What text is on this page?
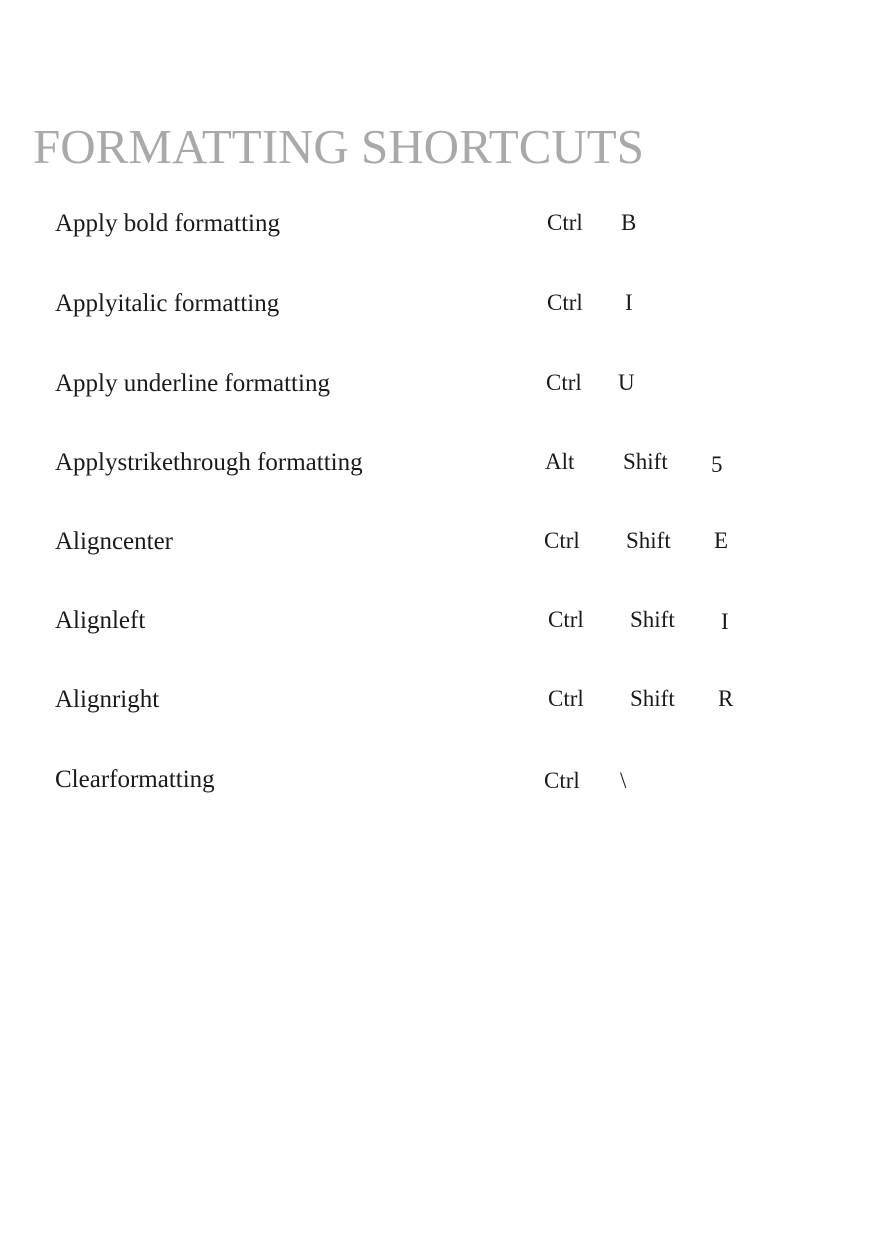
FORMATTING SHORTCUTS
Apply bold formatting	Ctrl B
Applyitalic formatting	Ctrl I
Apply underline formatting	Ctrl U
Applystrikethrough formatting	Alt Shift 5
Aligncenter	Ctrl Shift E
Alignleft	Ctrl Shift I
Alignright	Ctrl Shift R
Clearformatting	Ctrl \
